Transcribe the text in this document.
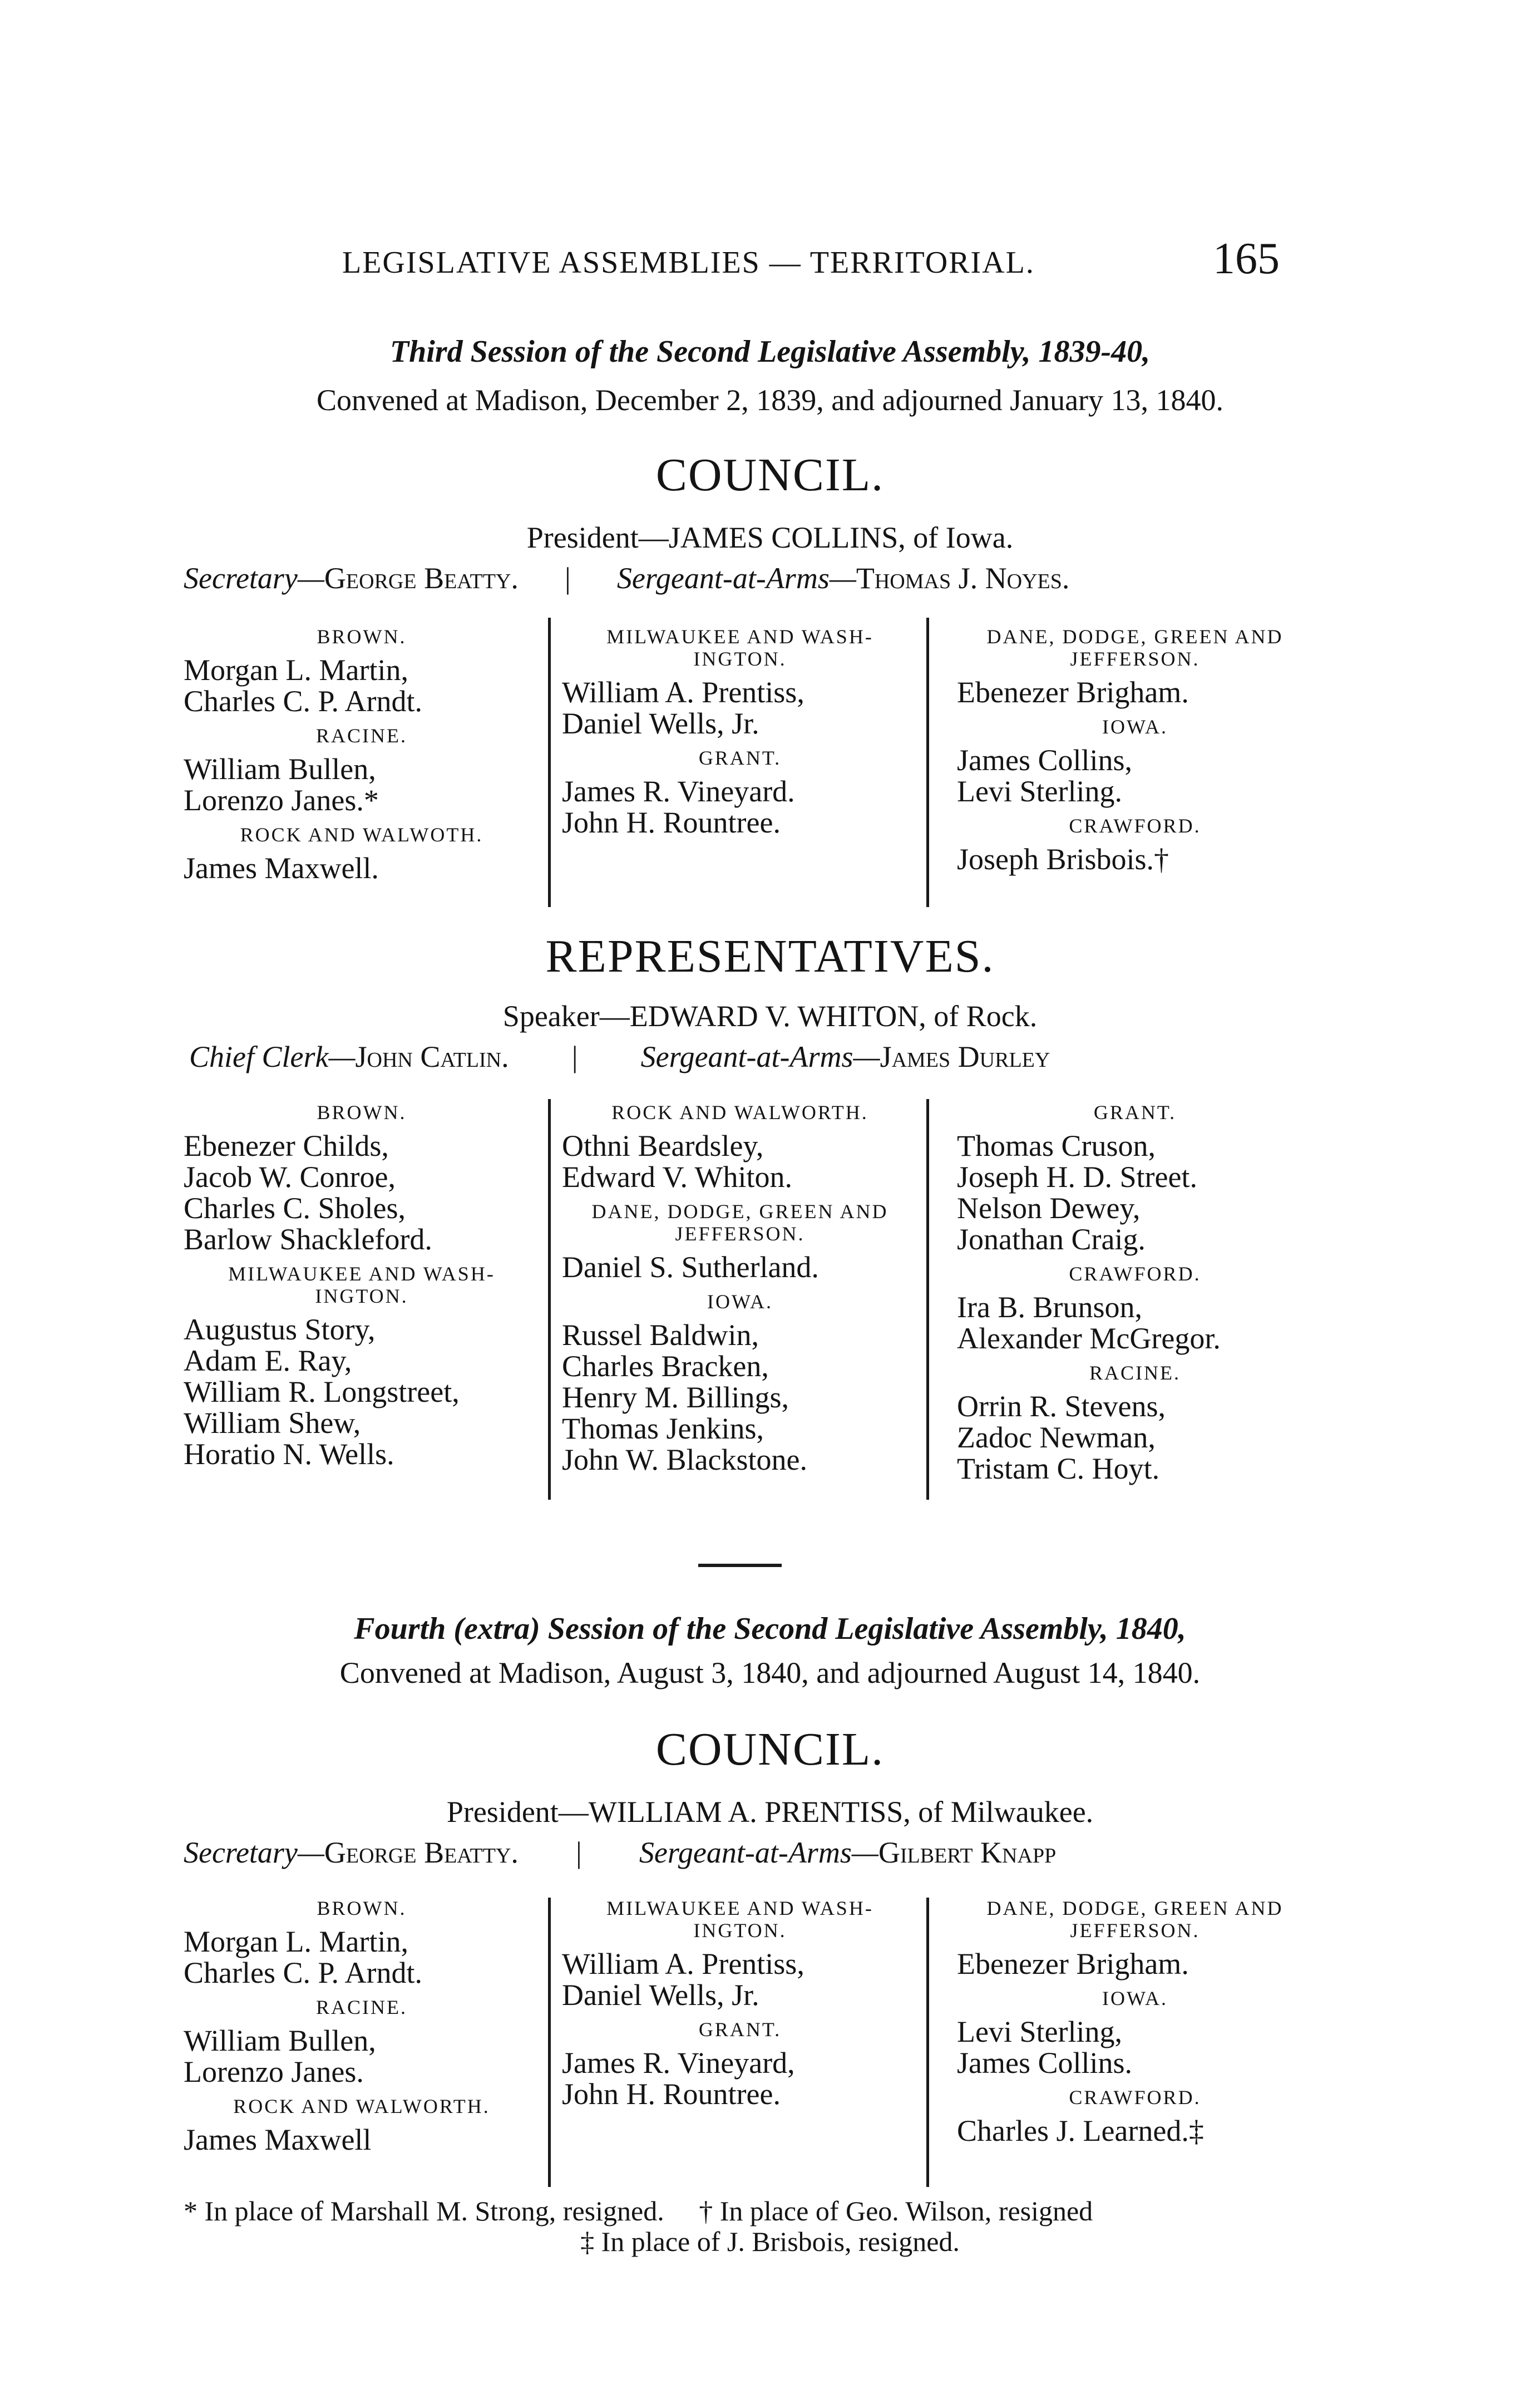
LEGISLATIVE ASSEMBLIES — TERRITORIAL.	165
Third Session of the Second Legislative Assembly, 1839-40,
Convened at Madison, December 2, 1839, and adjourned January 13, 1840.
COUNCIL.
President—JAMES COLLINS, of Iowa.
Secretary—George Beatty. | Sergeant-at-Arms—Thomas J. Noyes.
BROWN.
Morgan L. Martin,
Charles C. P. Arndt.
RACINE.
William Bullen,
Lorenzo Janes.*
ROCK AND WALWOTH.
James Maxwell.
MILWAUKEE AND WASH-INGTON.
William A. Prentiss,
Daniel Wells, Jr.
GRANT.
James R. Vineyard.
John H. Rountree.
DANE, DODGE, GREEN AND JEFFERSON.
Ebenezer Brigham.
IOWA.
James Collins,
Levi Sterling.
CRAWFORD.
Joseph Brisbois.†
REPRESENTATIVES.
Speaker—EDWARD V. WHITON, of Rock.
Chief Clerk—John Catlin. | Sergeant-at-Arms—James Durley
BROWN.
Ebenezer Childs,
Jacob W. Conroe,
Charles C. Sholes,
Barlow Shackleford.
MILWAUKEE AND WASH-INGTON.
Augustus Story,
Adam E. Ray,
William R. Longstreet,
William Shew,
Horatio N. Wells.
ROCK AND WALWORTH.
Othni Beardsley,
Edward V. Whiton.
DANE, DODGE, GREEN AND JEFFERSON.
Daniel S. Sutherland.
IOWA.
Russel Baldwin,
Charles Bracken,
Henry M. Billings,
Thomas Jenkins,
John W. Blackstone.
GRANT.
Thomas Cruson,
Joseph H. D. Street.
Nelson Dewey,
Jonathan Craig.
CRAWFORD.
Ira B. Brunson,
Alexander McGregor.
RACINE.
Orrin R. Stevens,
Zadoc Newman,
Tristam C. Hoyt.
Fourth (extra) Session of the Second Legislative Assembly, 1840,
Convened at Madison, August 3, 1840, and adjourned August 14, 1840.
COUNCIL.
President—WILLIAM A. PRENTISS, of Milwaukee.
Secretary—George Beatty. | Sergeant-at-Arms—Gilbert Knapp
BROWN.
Morgan L. Martin,
Charles C. P. Arndt.
RACINE.
William Bullen,
Lorenzo Janes.
ROCK AND WALWORTH.
James Maxwell
MILWAUKEE AND WASH-INGTON.
William A. Prentiss,
Daniel Wells, Jr.
GRANT.
James R. Vineyard,
John H. Rountree.
DANE, DODGE, GREEN AND JEFFERSON.
Ebenezer Brigham.
IOWA.
Levi Sterling,
James Collins.
CRAWFORD.
Charles J. Learned.‡
* In place of Marshall M. Strong, resigned.     † In place of Geo. Wilson, resigned
‡ In place of J. Brisbois, resigned.
